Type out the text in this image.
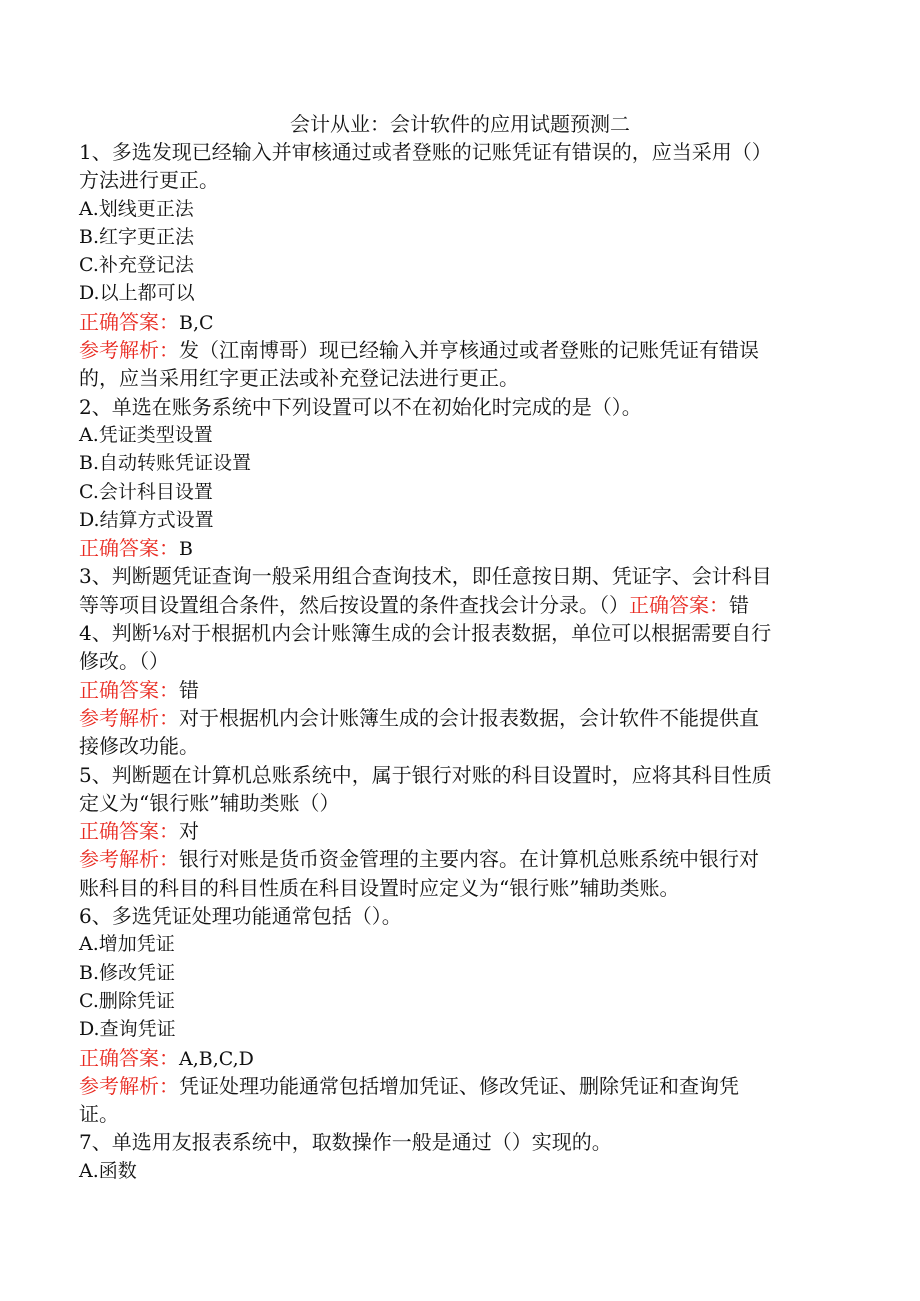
会计从业：会计软件的应用试题预测二
1、多选发现已经输入并审核通过或者登账的记账凭证有错误的，应当采用（）
方法进行更正。
A.划线更正法
B.红字更正法
C.补充登记法
D.以上都可以
正确答案：B,C
参考解析：发（江南博哥）现已经输入并亨核通过或者登账的记账凭证有错误
的，应当采用红字更正法或补充登记法进行更正。
2、单选在账务系统中下列设置可以不在初始化时完成的是（）。
A.凭证类型设置
B.自动转账凭证设置
C.会计科目设置
D.结算方式设置
正确答案：B
3、判断题凭证查询一般采用组合查询技术，即任意按日期、凭证字、会计科目
等等项目设置组合条件，然后按设置的条件查找会计分录。（）正确答案：错
4、判断⅛对于根据机内会计账簿生成的会计报表数据，单位可以根据需要自行
修改。（）
正确答案：错
参考解析：对于根据机内会计账簿生成的会计报表数据，会计软件不能提供直
接修改功能。
5、判断题在计算机总账系统中，属于银行对账的科目设置时，应将其科目性质
定义为“银行账”辅助类账（）
正确答案：对
参考解析：银行对账是货币资金管理的主要内容。在计算机总账系统中银行对
账科目的科目的科目性质在科目设置时应定义为“银行账”辅助类账。
6、多选凭证处理功能通常包括（）。
A.增加凭证
B.修改凭证
C.删除凭证
D.查询凭证
正确答案：A,B,C,D
参考解析：凭证处理功能通常包括增加凭证、修改凭证、删除凭证和查询凭
证。
7、单选用友报表系统中，取数操作一般是通过（）实现的。
A.函数
